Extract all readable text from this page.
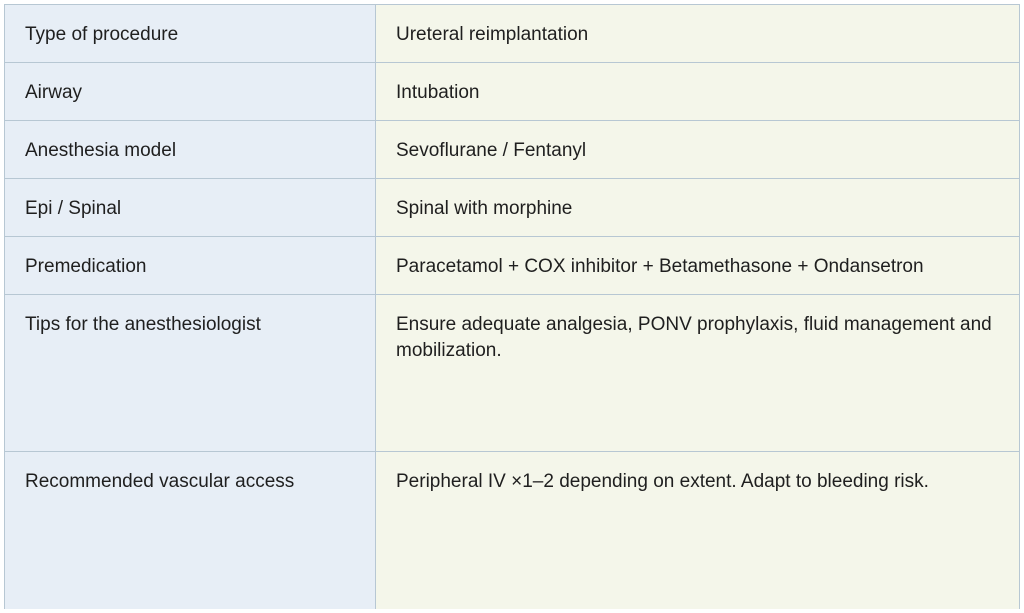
Type of procedure	Ureteral reimplantation
Airway	Intubation
Anesthesia model	Sevoflurane / Fentanyl
Epi / Spinal	Spinal with morphine
Premedication	Paracetamol + COX inhibitor + Betamethasone + Ondansetron
Tips for the anesthesiologist	Ensure adequate analgesia, PONV prophylaxis, fluid management and mobilization.
Recommended vascular access	Peripheral IV ×1–2 depending on extent. Adapt to bleeding risk.
